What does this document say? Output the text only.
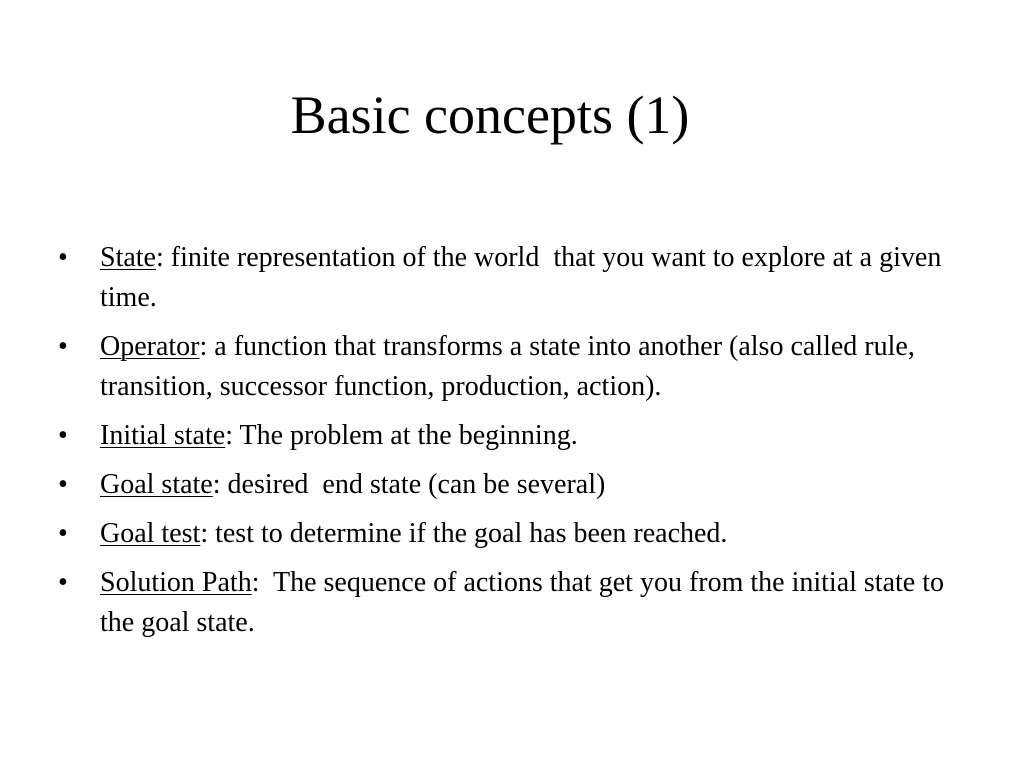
Basic concepts (1)
•	State: finite representation of the world  that you want to explore at a given time.
•	Operator: a function that transforms a state into another (also called rule, transition, successor function, production, action).
•	Initial state: The problem at the beginning.
•	Goal state: desired  end state (can be several)
•	Goal test: test to determine if the goal has been reached.
•	Solution Path:  The sequence of actions that get you from the initial state to the goal state.
